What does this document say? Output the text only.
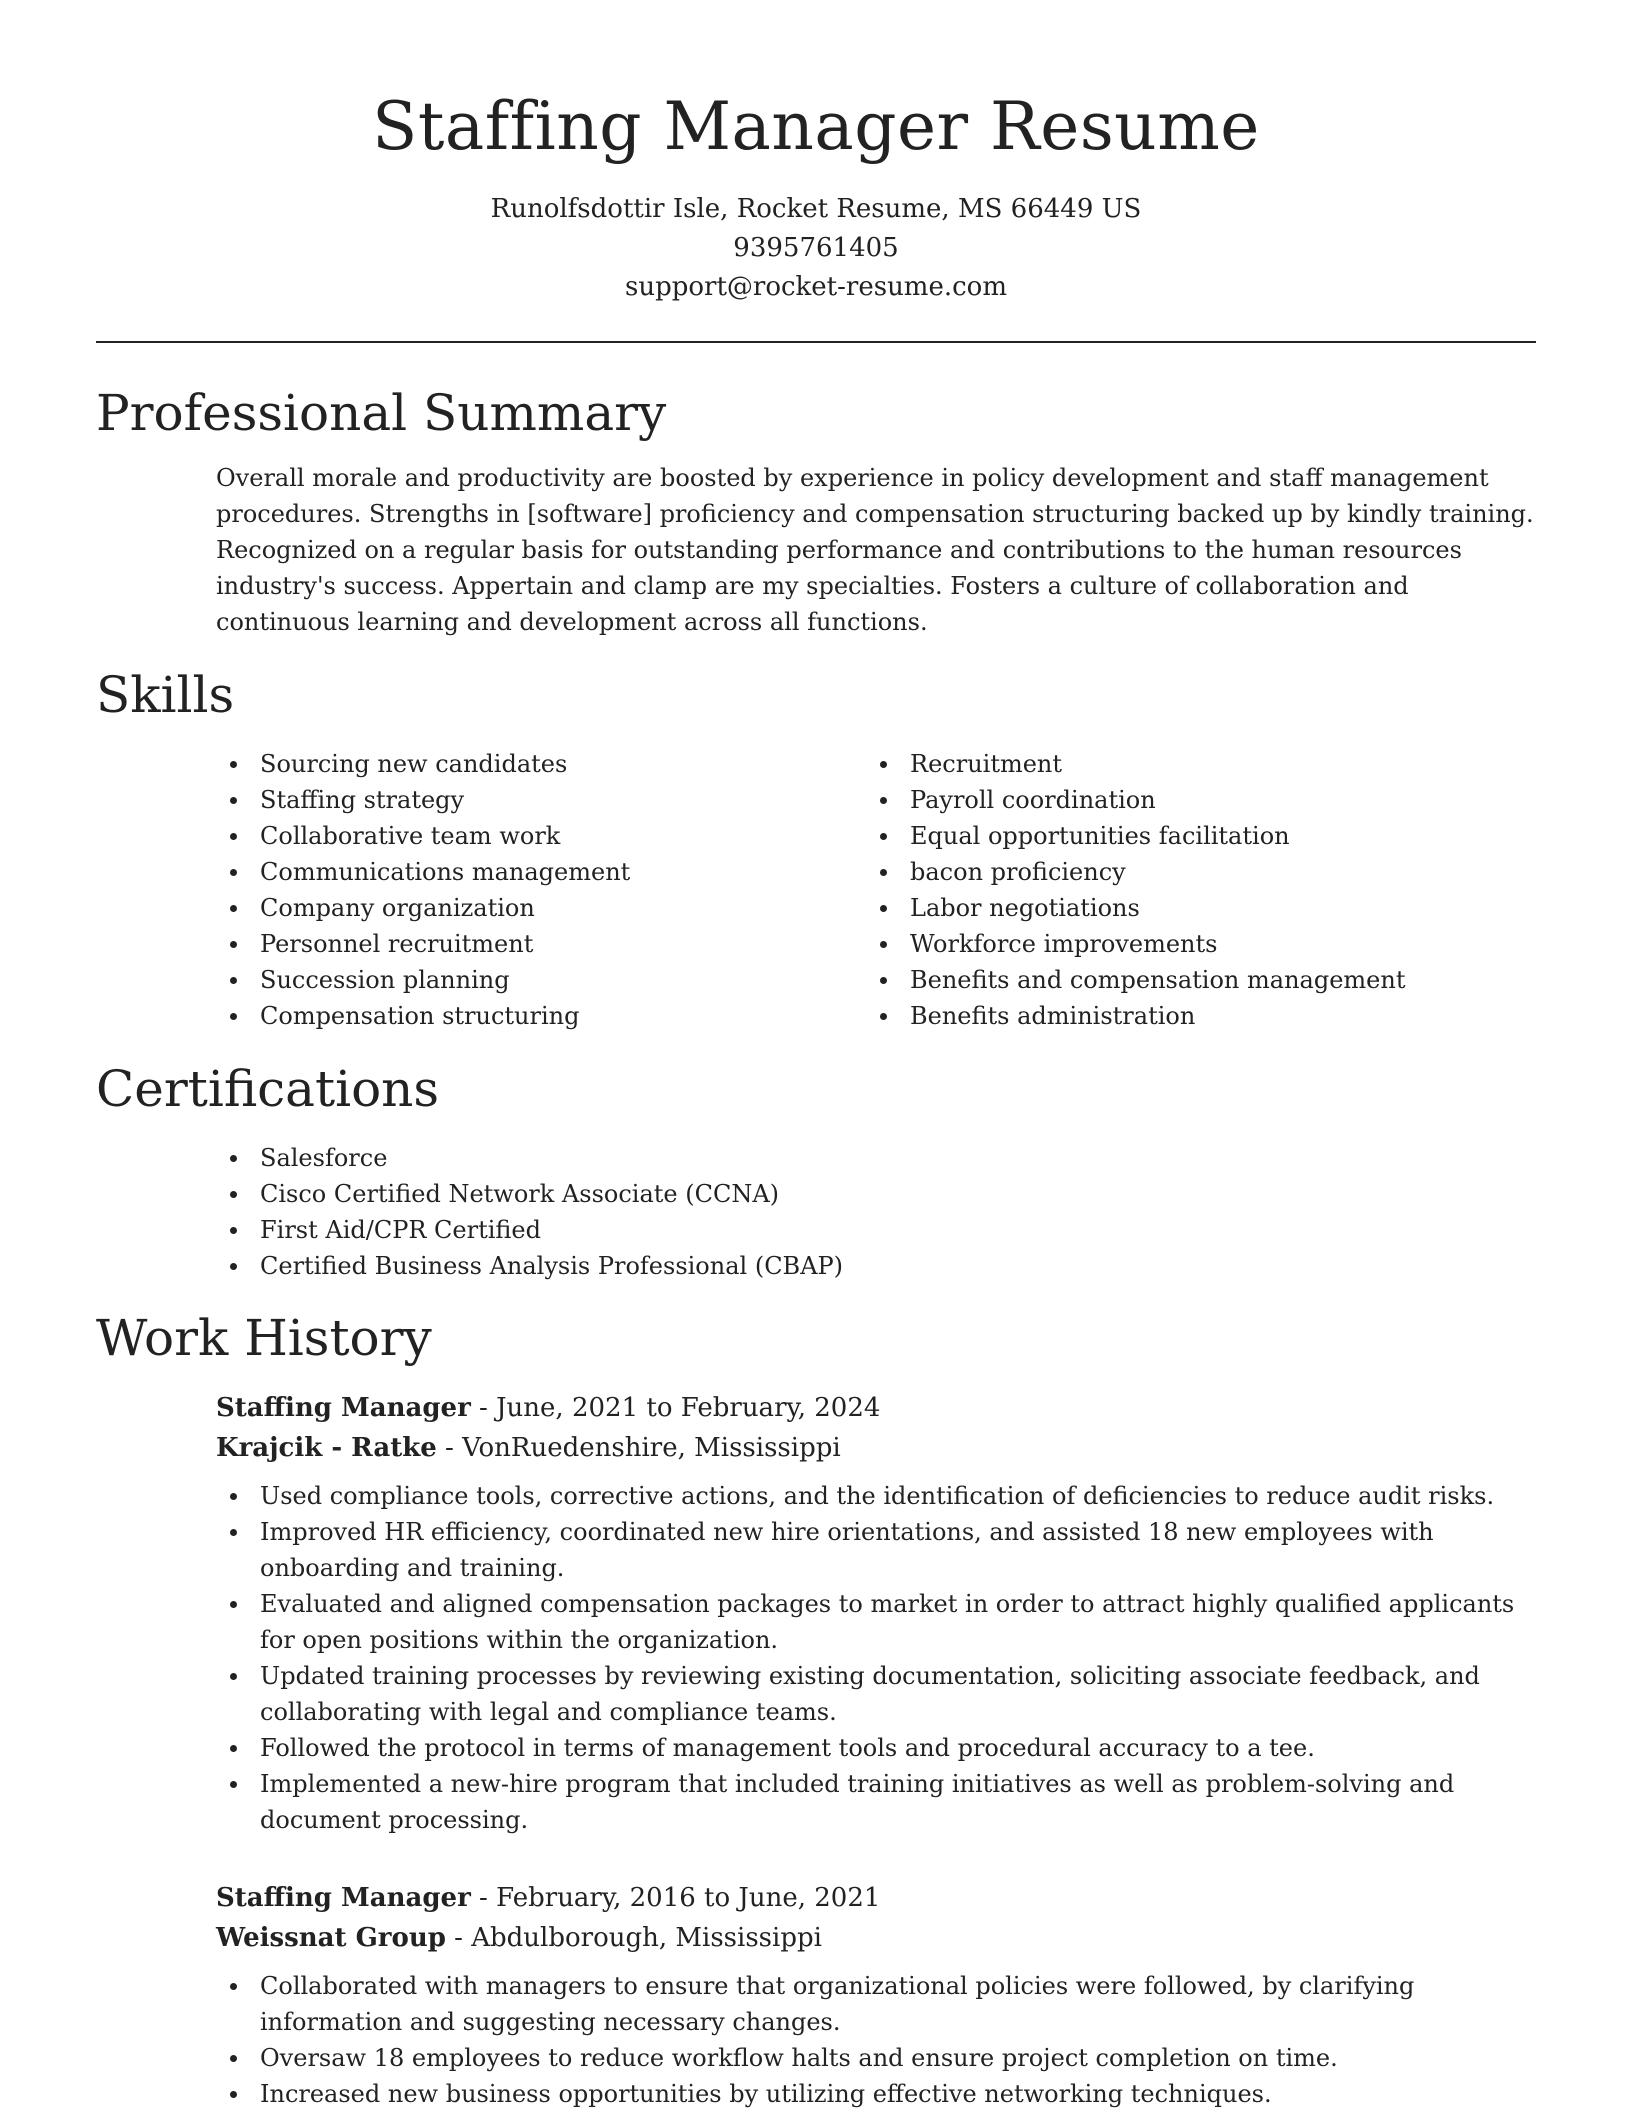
Staffing Manager Resume
Runolfsdottir Isle, Rocket Resume, MS 66449 US
9395761405
support@rocket-resume.com
Professional Summary
Overall morale and productivity are boosted by experience in policy development and staff management procedures. Strengths in [software] proficiency and compensation structuring backed up by kindly training. Recognized on a regular basis for outstanding performance and contributions to the human resources industry's success. Appertain and clamp are my specialties. Fosters a culture of collaboration and continuous learning and development across all functions.
Skills
Sourcing new candidates
Staffing strategy
Collaborative team work
Communications management
Company organization
Personnel recruitment
Succession planning
Compensation structuring
Recruitment
Payroll coordination
Equal opportunities facilitation
bacon proficiency
Labor negotiations
Workforce improvements
Benefits and compensation management
Benefits administration
Certifications
Salesforce
Cisco Certified Network Associate (CCNA)
First Aid/CPR Certified
Certified Business Analysis Professional (CBAP)
Work History
Staffing Manager - June, 2021 to February, 2024
Krajcik - Ratke - VonRuedenshire, Mississippi
Used compliance tools, corrective actions, and the identification of deficiencies to reduce audit risks.
Improved HR efficiency, coordinated new hire orientations, and assisted 18 new employees with onboarding and training.
Evaluated and aligned compensation packages to market in order to attract highly qualified applicants for open positions within the organization.
Updated training processes by reviewing existing documentation, soliciting associate feedback, and collaborating with legal and compliance teams.
Followed the protocol in terms of management tools and procedural accuracy to a tee.
Implemented a new-hire program that included training initiatives as well as problem-solving and document processing.
Staffing Manager - February, 2016 to June, 2021
Weissnat Group - Abdulborough, Mississippi
Collaborated with managers to ensure that organizational policies were followed, by clarifying information and suggesting necessary changes.
Oversaw 18 employees to reduce workflow halts and ensure project completion on time.
Increased new business opportunities by utilizing effective networking techniques.
